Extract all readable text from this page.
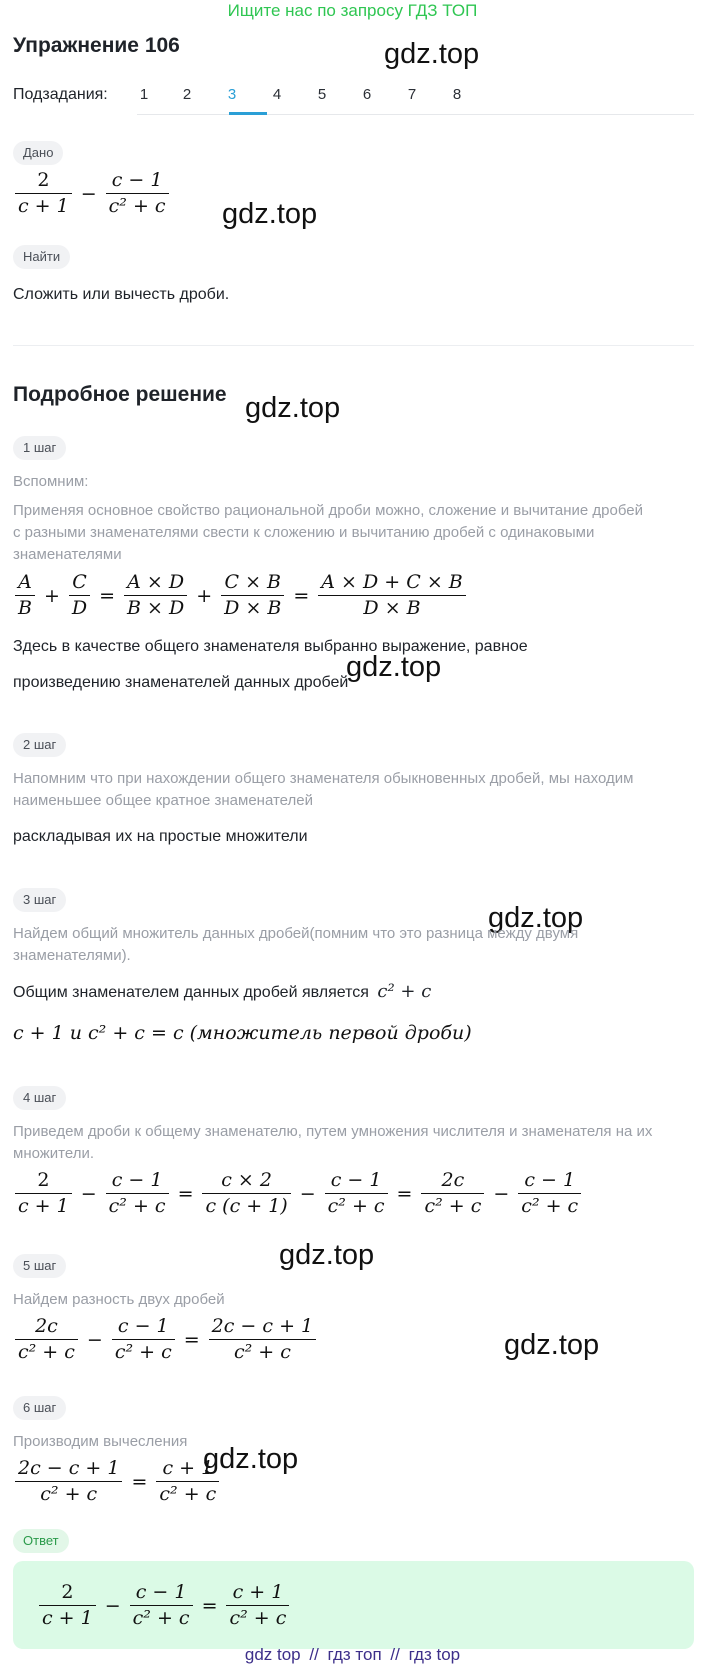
Ищите нас по запросу ГДЗ ТОП
Упражнение 106	gdz.top
gdz.top
gdz.top
gdz.top
gdz.top
gdz.top
gdz.top
gdz.top
Подзадания:	1	2	3	4	5	6	7	8
Дано
$\frac{2}{c + 1} - \frac{c - 1}{\text{c² + c}}$
Найти
Сложить или вычесть дроби.
Подробное решение
1 шаг
Вспомним:
Применяя основное свойство рациональной дроби можно, сложение и вычитание дробей с разными знаменателями свести к сложению и вычитанию дробей с одинаковыми знаменателями
$\frac{A}{B} + \frac{C}{D} = \frac{A \times D}{B \times D} + \frac{C \times B}{D \times B} = \frac{A \times D + C \times B}{D \times B}$
Здесь в качестве общего знаменателя выбранно выражение, равное
произведению знаменателей данных дробей
2 шаг
Напомним что при нахождении общего знаменателя обыкновенных дробей, мы находим наименьшее общее кратное знаменателей
раскладывая их на простые множители
3 шаг
Найдем общий множитель данных дробей(помним что это разница между двумя знаменателями).
Общим знаменателем данных дробей является c² + c
c + 1 и c² + c = c (множитель первой дроби)
4 шаг
Приведем дроби к общему знаменателю, путем умножения числителя и знаменателя на их множители.
$\frac{2}{c + 1} - \frac{c - 1}{\text{c² + c}} = \frac{c \times 2}{c (c + 1)} - \frac{c - 1}{\text{c² + c}} = \frac{2c}{\text{c² + c}} - \frac{c - 1}{\text{c² + c}}$
5 шаг
Найдем разность двух дробей
$\frac{2c}{\text{c² + c}} - \frac{c - 1}{\text{c² + c}} = \frac{2c - c + 1}{\text{c² + c}}$
6 шаг
Производим вычесления
$\frac{2c - c + 1}{\text{c² + c}} = \frac{c + 1}{\text{c² + c}}$
Ответ
$\frac{2}{c + 1} - \frac{c - 1}{\text{c² + c}} = \frac{c + 1}{\text{c² + c}}$
gdz top // гдз топ // гдз top
